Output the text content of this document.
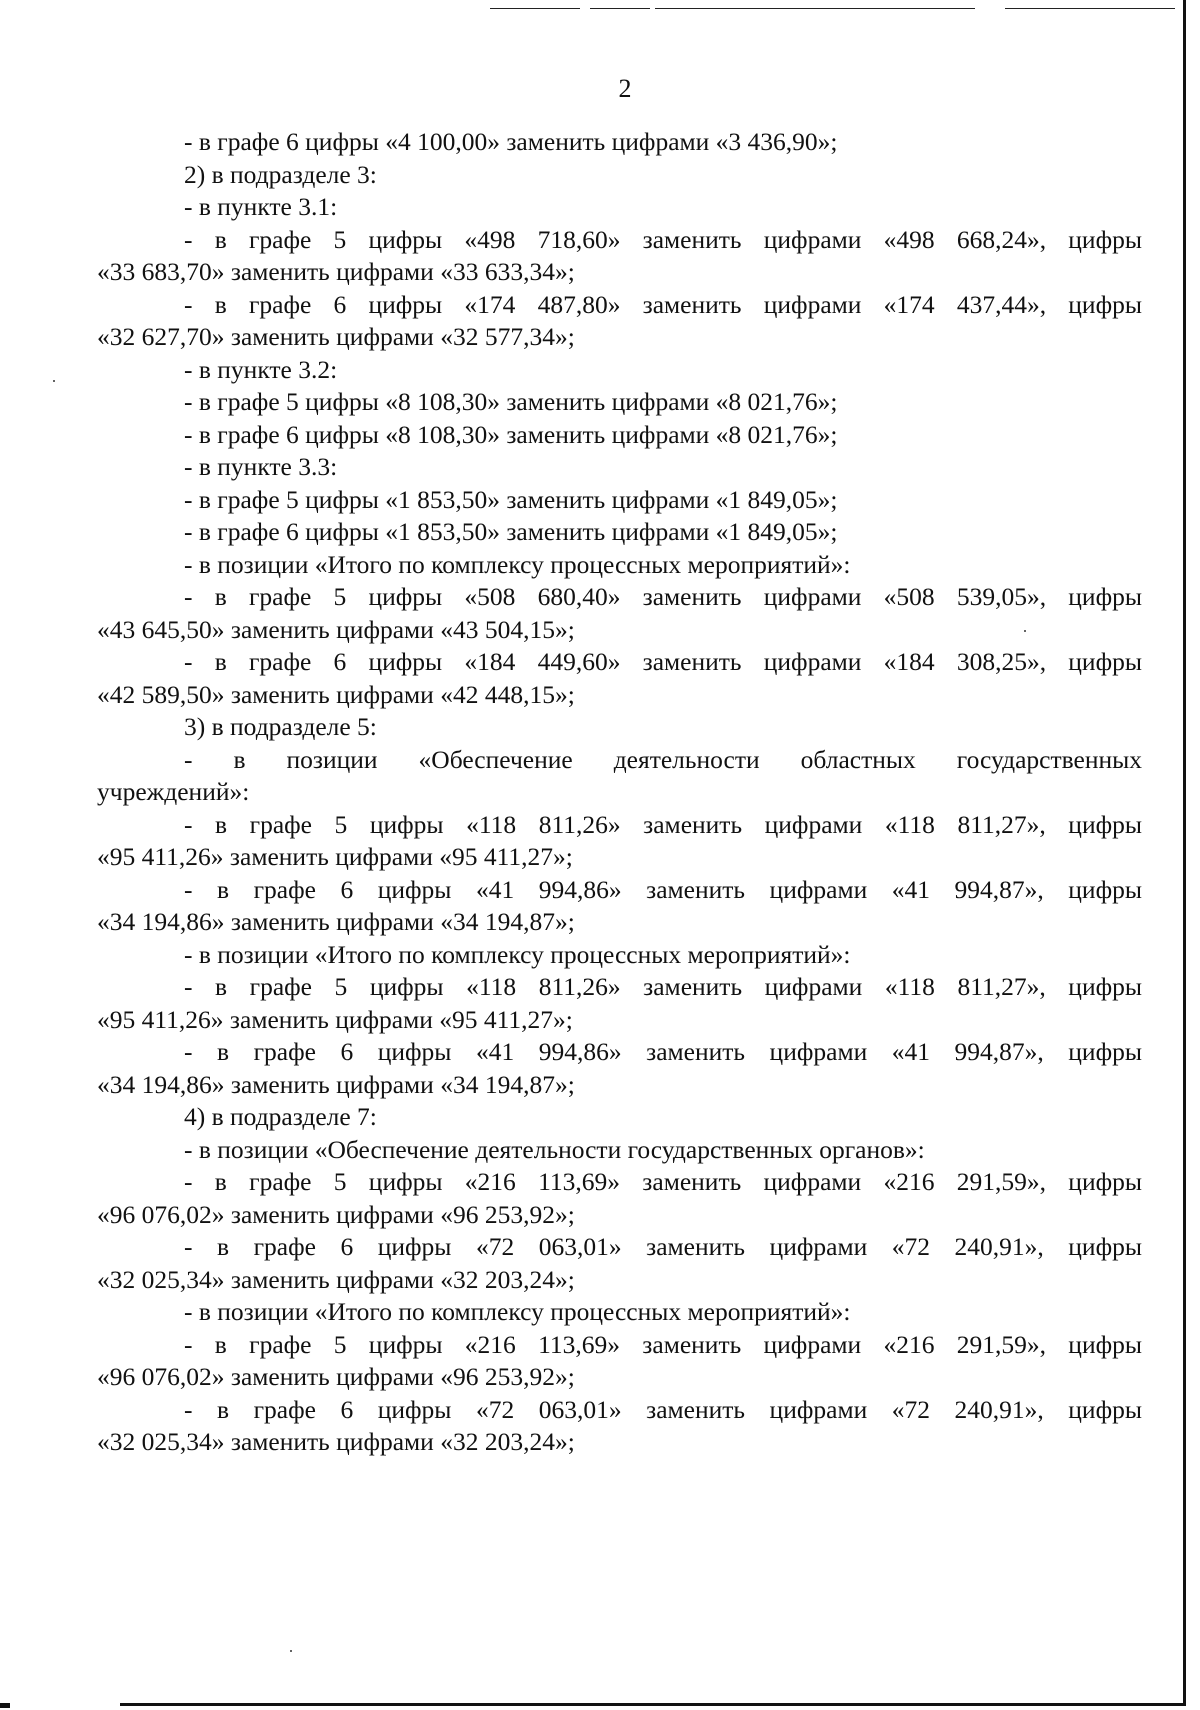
2
- в графе 6 цифры «4 100,00» заменить цифрами «3 436,90»;
2) в подразделе 3:
- в пункте 3.1:
- в графе 5 цифры «498 718,60» заменить цифрами «498 668,24», цифры
«33 683,70» заменить цифрами «33 633,34»;
- в графе 6 цифры «174 487,80» заменить цифрами «174 437,44», цифры
«32 627,70» заменить цифрами «32 577,34»;
- в пункте 3.2:
- в графе 5 цифры «8 108,30» заменить цифрами «8 021,76»;
- в графе 6 цифры «8 108,30» заменить цифрами «8 021,76»;
- в пункте 3.3:
- в графе 5 цифры «1 853,50» заменить цифрами «1 849,05»;
- в графе 6 цифры «1 853,50» заменить цифрами «1 849,05»;
- в позиции «Итого по комплексу процессных мероприятий»:
- в графе 5 цифры «508 680,40» заменить цифрами «508 539,05», цифры
«43 645,50» заменить цифрами «43 504,15»;
- в графе 6 цифры «184 449,60» заменить цифрами «184 308,25», цифры
«42 589,50» заменить цифрами «42 448,15»;
3) в подразделе 5:
- в позиции «Обеспечение деятельности областных государственных
учреждений»:
- в графе 5 цифры «118 811,26» заменить цифрами «118 811,27», цифры
«95 411,26» заменить цифрами «95 411,27»;
- в графе 6 цифры «41 994,86» заменить цифрами «41 994,87», цифры
«34 194,86» заменить цифрами «34 194,87»;
- в позиции «Итого по комплексу процессных мероприятий»:
- в графе 5 цифры «118 811,26» заменить цифрами «118 811,27», цифры
«95 411,26» заменить цифрами «95 411,27»;
- в графе 6 цифры «41 994,86» заменить цифрами «41 994,87», цифры
«34 194,86» заменить цифрами «34 194,87»;
4) в подразделе 7:
- в позиции «Обеспечение деятельности государственных органов»:
- в графе 5 цифры «216 113,69» заменить цифрами «216 291,59», цифры
«96 076,02» заменить цифрами «96 253,92»;
- в графе 6 цифры «72 063,01» заменить цифрами «72 240,91», цифры
«32 025,34» заменить цифрами «32 203,24»;
- в позиции «Итого по комплексу процессных мероприятий»:
- в графе 5 цифры «216 113,69» заменить цифрами «216 291,59», цифры
«96 076,02» заменить цифрами «96 253,92»;
- в графе 6 цифры «72 063,01» заменить цифрами «72 240,91», цифры
«32 025,34» заменить цифрами «32 203,24»;
